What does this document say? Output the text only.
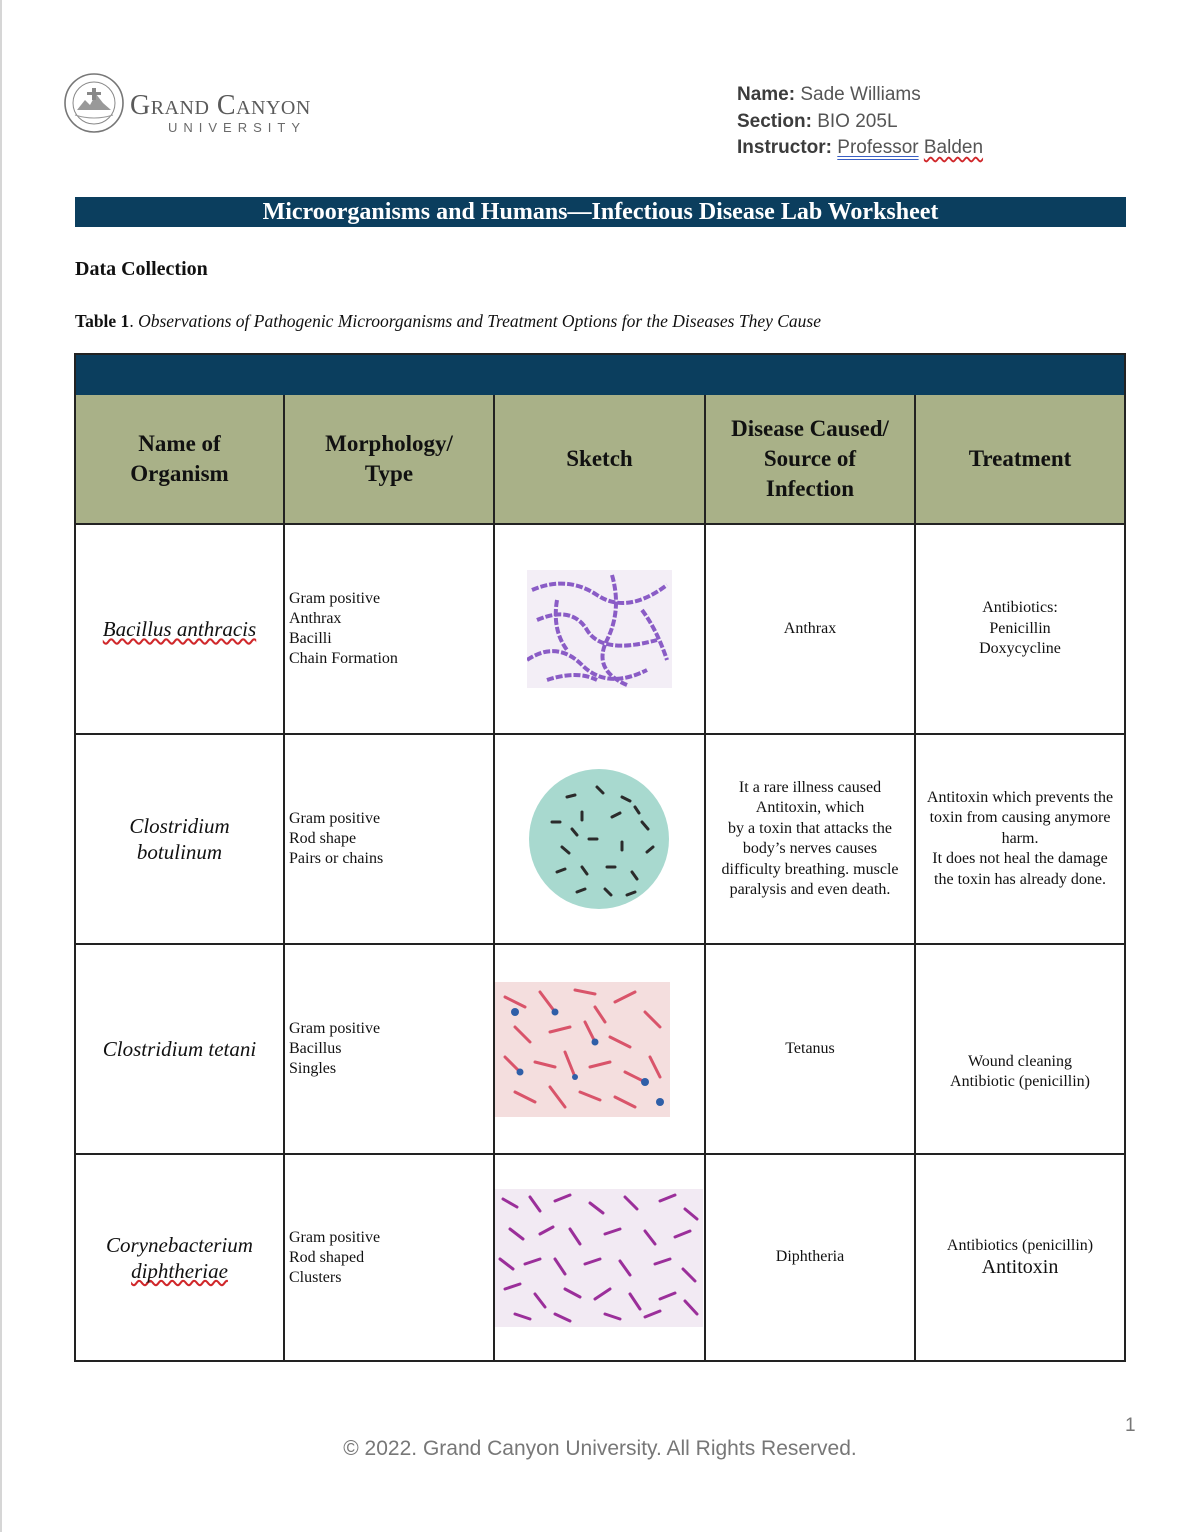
Grand Canyon
UNIVERSITY
Name: Sade Williams
Section: BIO 205L
Instructor: Professor Balden
Microorganisms and Humans—Infectious Disease Lab Worksheet
Data Collection
Table 1. Observations of Pathogenic Microorganisms and Treatment Options for the Diseases They Cause
Name of
Organism
Morphology/
Type
Sketch
Disease Caused/
Source of
Infection
Treatment
Bacillus anthracis
Gram positive
Anthrax
Bacilli
Chain Formation
Anthrax
Antibiotics:
Penicillin
Doxycycline
Clostridium
botulinum
Gram positive
Rod shape
Pairs or chains
It a rare illness caused
Antitoxin, which
by a toxin that attacks the
body’s nerves causes
difficulty breathing. muscle
paralysis and even death.
Antitoxin which prevents the
toxin from causing anymore
harm.
It does not heal the damage
the toxin has already done.
Clostridium tetani
Gram positive
Bacillus
Singles
Tetanus
Wound cleaning
Antibiotic (penicillin)
Corynebacterium
diphtheriae
Gram positive
Rod shaped
Clusters
Diphtheria
Antibiotics (penicillin)
Antitoxin
1
© 2022. Grand Canyon University. All Rights Reserved.
